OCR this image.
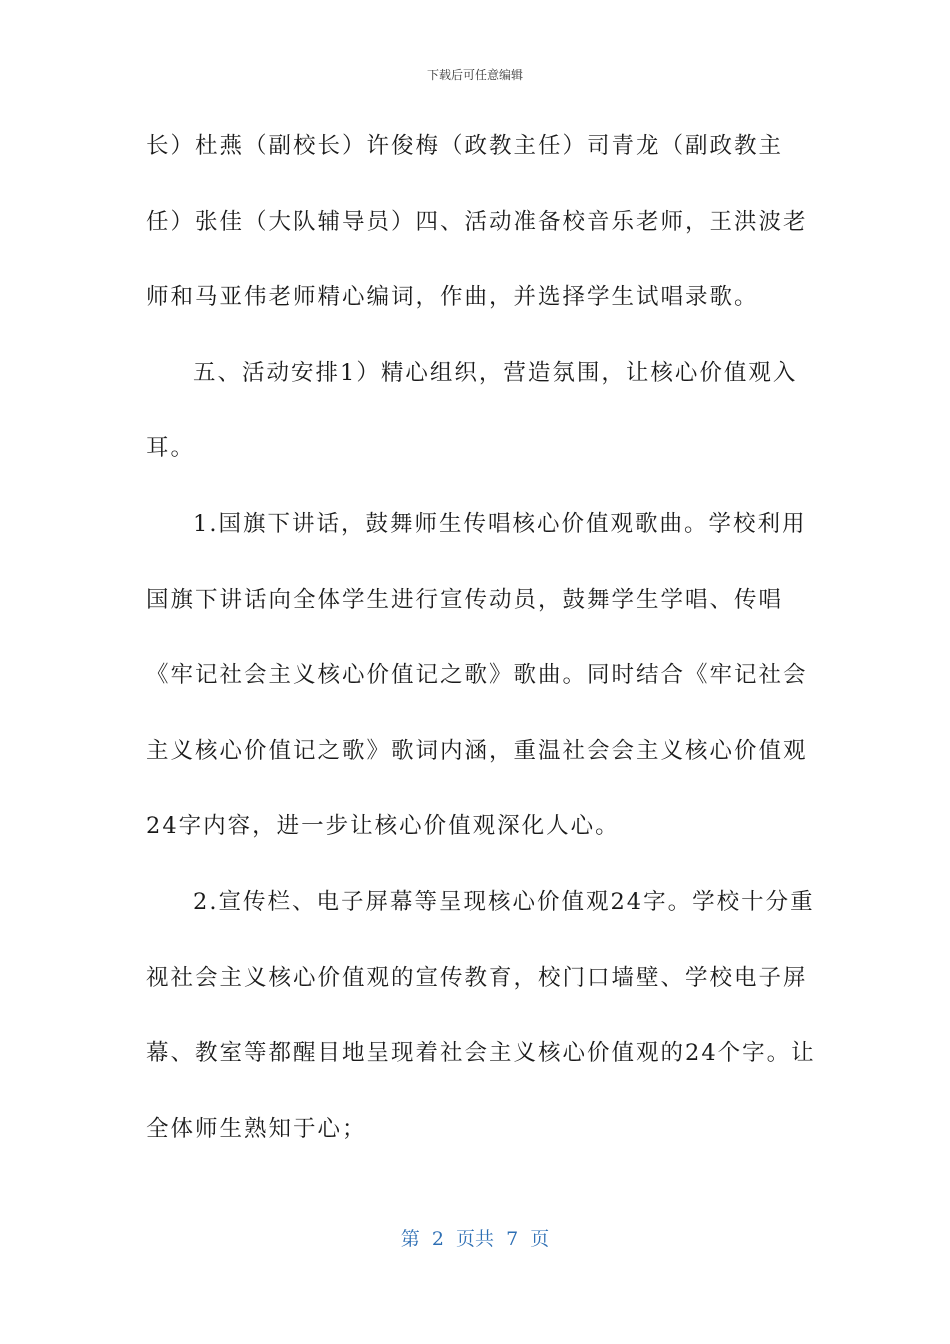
下载后可任意编辑
长）杜燕（副校长）许俊梅（政教主任）司青龙（副政教主
任）张佳（大队辅导员）四、活动准备校音乐老师，王洪波老
师和马亚伟老师精心编词，作曲，并选择学生试唱录歌。
五、活动安排1）精心组织，营造氛围，让核心价值观入
耳。
1.国旗下讲话，鼓舞师生传唱核心价值观歌曲。学校利用
国旗下讲话向全体学生进行宣传动员，鼓舞学生学唱、传唱
《牢记社会主义核心价值记之歌》歌曲。同时结合《牢记社会
主义核心价值记之歌》歌词内涵，重温社会会主义核心价值观
24字内容，进一步让核心价值观深化人心。
2.宣传栏、电子屏幕等呈现核心价值观24字。学校十分重
视社会主义核心价值观的宣传教育，校门口墙壁、学校电子屏
幕、教室等都醒目地呈现着社会主义核心价值观的24个字。让
全体师生熟知于心；
第  2  页共  7  页
